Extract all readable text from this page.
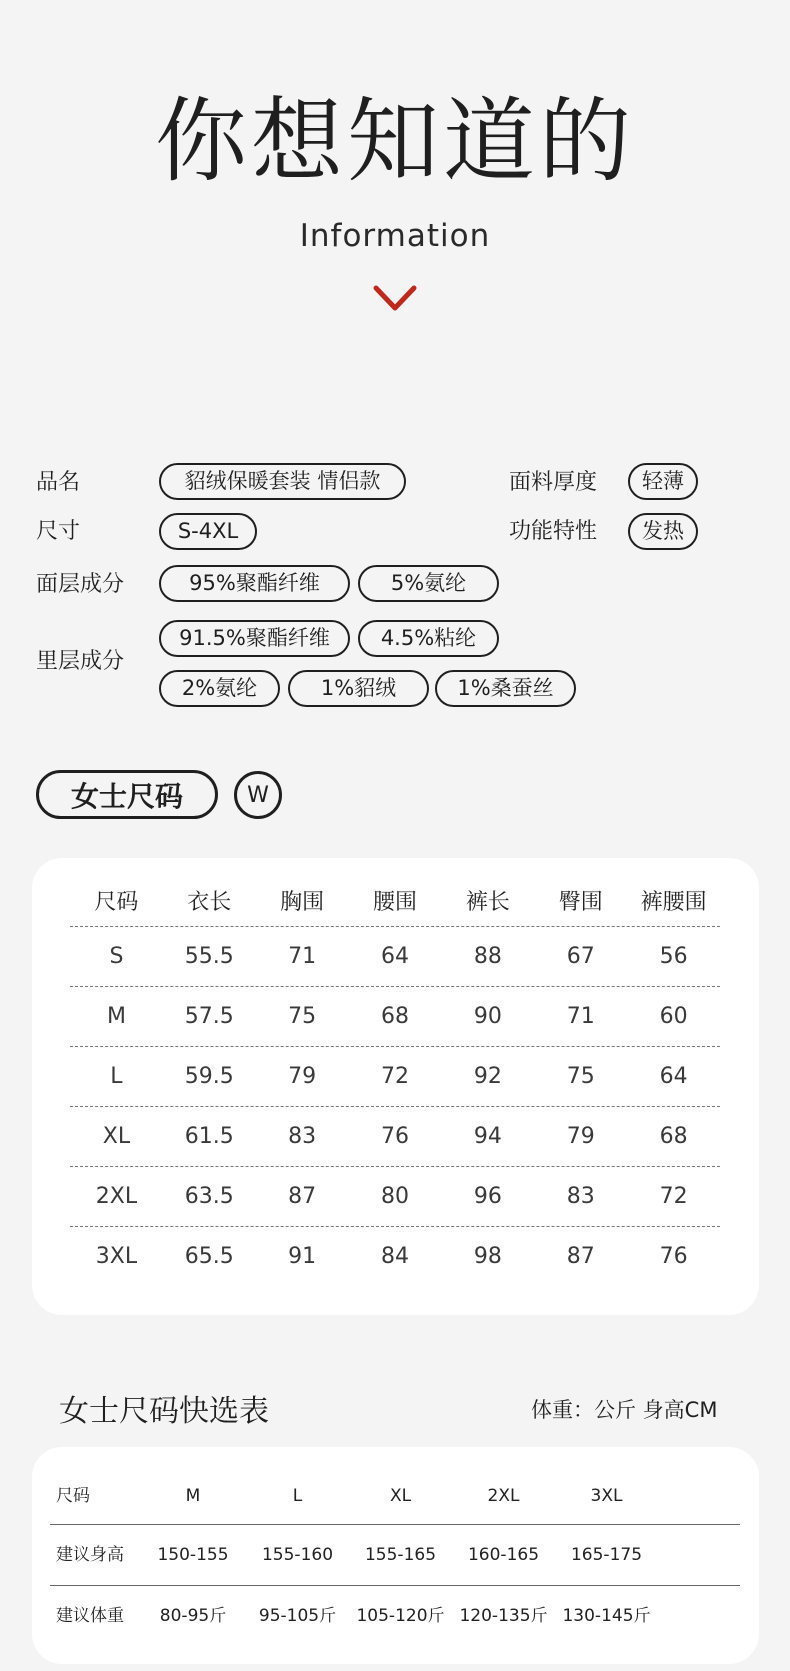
你想知道的
Information
品名	貂绒保暖套装 情侣款	面料厚度	轻薄
尺寸	S-4XL	功能特性	发热
面层成分	95%聚酯纤维	5%氨纶
里层成分
91.5%聚酯纤维	4.5%粘纶
2%氨纶	1%貂绒	1%桑蚕丝
女士尺码	W
尺码	衣长	胸围	腰围	裤长	臀围	裤腰围
S	55.5	71	64	88	67	56
M	57.5	75	68	90	71	60
L	59.5	79	72	92	75	64
XL	61.5	83	76	94	79	68
2XL	63.5	87	80	96	83	72
3XL	65.5	91	84	98	87	76
女士尺码快选表	体重：公斤 身高CM
尺码	M	L	XL	2XL	3XL
建议身高	150-155	155-160	155-165	160-165	165-175
建议体重	80-95斤	95-105斤	105-120斤 120-135斤 130-145斤
